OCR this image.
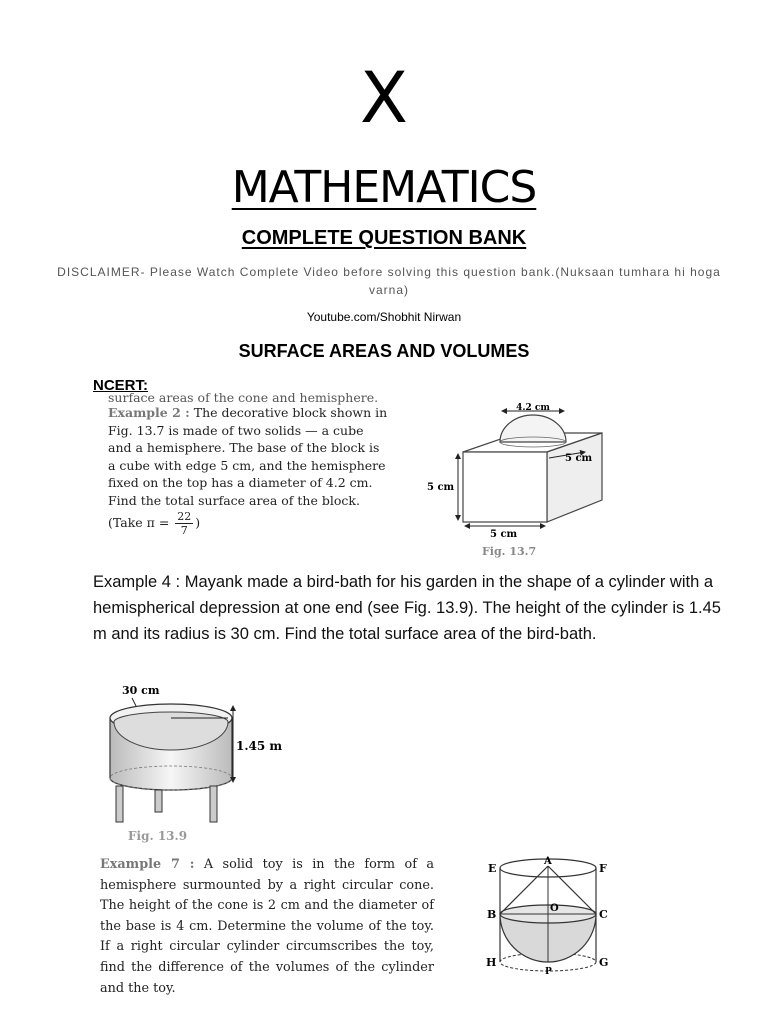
X
MATHEMATICS
COMPLETE QUESTION BANK
DISCLAIMER- Please Watch Complete Video before solving this question bank.(Nuksaan tumhara hi hoga varna)
Youtube.com/Shobhit Nirwan
SURFACE AREAS AND VOLUMES
NCERT:
surface areas of the cone and hemisphere.
Example 2 : The decorative block shown in Fig. 13.7 is made of two solids — a cube and a hemisphere. The base of the block is a cube with edge 5 cm, and the hemisphere fixed on the top has a diameter of 4.2 cm. Find the total surface area of the block.
(Take $\pi = \frac{22}{7}$ )
4.2 cm
5 cm
5 cm
5 cm
Fig. 13.7
Example 4 : Mayank made a bird-bath for his garden in the shape of a cylinder with a hemispherical depression at one end (see Fig. 13.9). The height of the cylinder is 1.45 m and its radius is 30 cm. Find the total surface area of the bird-bath.
30 cm
1.45 m
Fig. 13.9
Example 7 : A solid toy is in the form of a hemisphere surmounted by a right circular cone. The height of the cone is 2 cm and the diameter of the base is 4 cm. Determine the volume of the toy. If a right circular cylinder circumscribes the toy, find the difference of the volumes of the cylinder and the toy.
A
E	F
B	O	C
H
P
G
